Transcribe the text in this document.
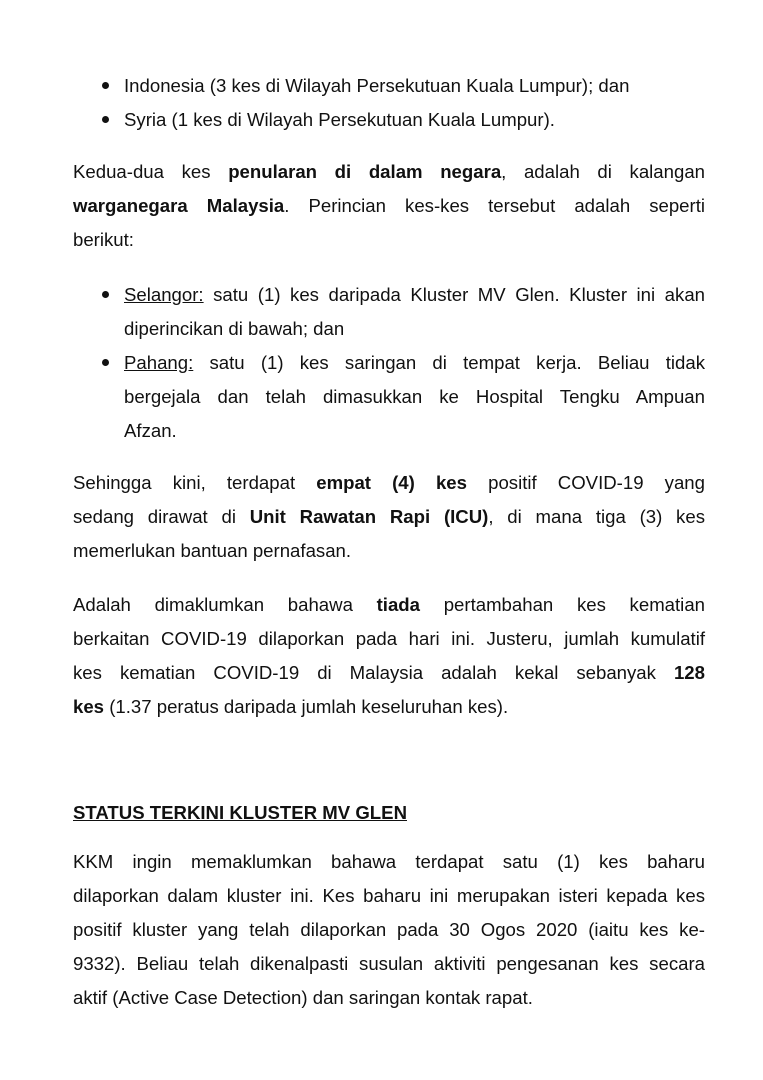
Indonesia (3 kes di Wilayah Persekutuan Kuala Lumpur); dan
Syria (1 kes di Wilayah Persekutuan Kuala Lumpur).
Kedua-dua kes penularan di dalam negara, adalah di kalangan
warganegara Malaysia. Perincian kes-kes tersebut adalah seperti
berikut:
Selangor: satu (1) kes daripada Kluster MV Glen. Kluster ini akan
diperincikan di bawah; dan
Pahang: satu (1) kes saringan di tempat kerja. Beliau tidak
bergejala dan telah dimasukkan ke Hospital Tengku Ampuan
Afzan.
Sehingga kini, terdapat empat (4) kes positif COVID-19 yang
sedang dirawat di Unit Rawatan Rapi (ICU), di mana tiga (3) kes
memerlukan bantuan pernafasan.
Adalah dimaklumkan bahawa tiada pertambahan kes kematian
berkaitan COVID-19 dilaporkan pada hari ini. Justeru, jumlah kumulatif
kes kematian COVID-19 di Malaysia adalah kekal sebanyak 128
kes (1.37 peratus daripada jumlah keseluruhan kes).
STATUS TERKINI KLUSTER MV GLEN
KKM ingin memaklumkan bahawa terdapat satu (1) kes baharu
dilaporkan dalam kluster ini. Kes baharu ini merupakan isteri kepada kes
positif kluster yang telah dilaporkan pada 30 Ogos 2020 (iaitu kes ke-
9332). Beliau telah dikenalpasti susulan aktiviti pengesanan kes secara
aktif (Active Case Detection) dan saringan kontak rapat.
